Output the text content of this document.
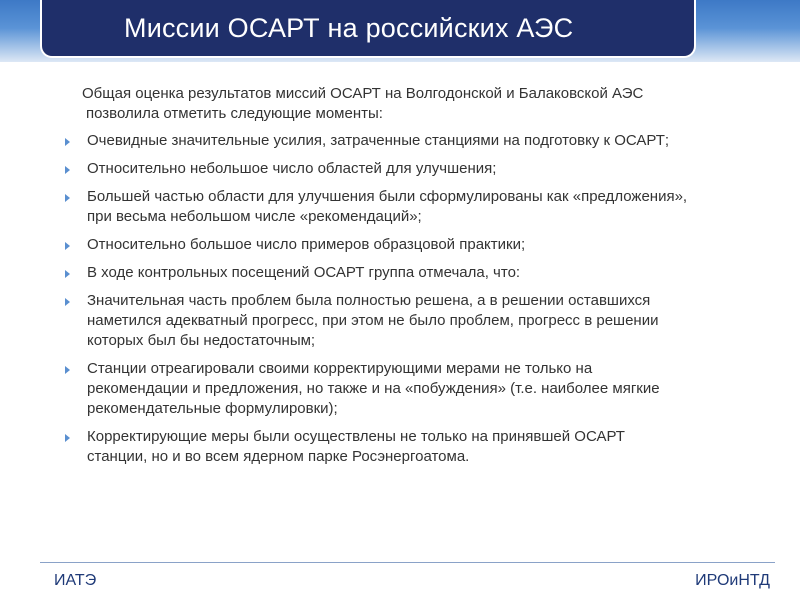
Миссии ОСАРТ на российских АЭС

Общая оценка результатов миссий ОСАРТ на Волгодонской и Балаковской АЭС
позволила отметить следующие моменты:

Очевидные значительные усилия, затраченные станциями на подготовку к ОСАРТ;
Относительно небольшое число областей для улучшения;
Большей частью области для улучшения были сформулированы как «предложения»,
при весьма небольшом числе «рекомендаций»;
Относительно большое число примеров образцовой практики;
В ходе контрольных посещений ОСАРТ группа отмечала, что:
Значительная часть проблем была полностью решена, а в решении оставшихся
наметился адекватный прогресс, при этом не было проблем, прогресс в решении
которых был бы недостаточным;
Станции отреагировали своими корректирующими мерами не только на
рекомендации и предложения, но также и на «побуждения» (т.е. наиболее мягкие
рекомендательные формулировки);
Корректирующие меры были осуществлены не только на принявшей ОСАРТ
станции, но и во всем ядерном парке Росэнергоатома.
ИАТЭ	ИРОиНТД
